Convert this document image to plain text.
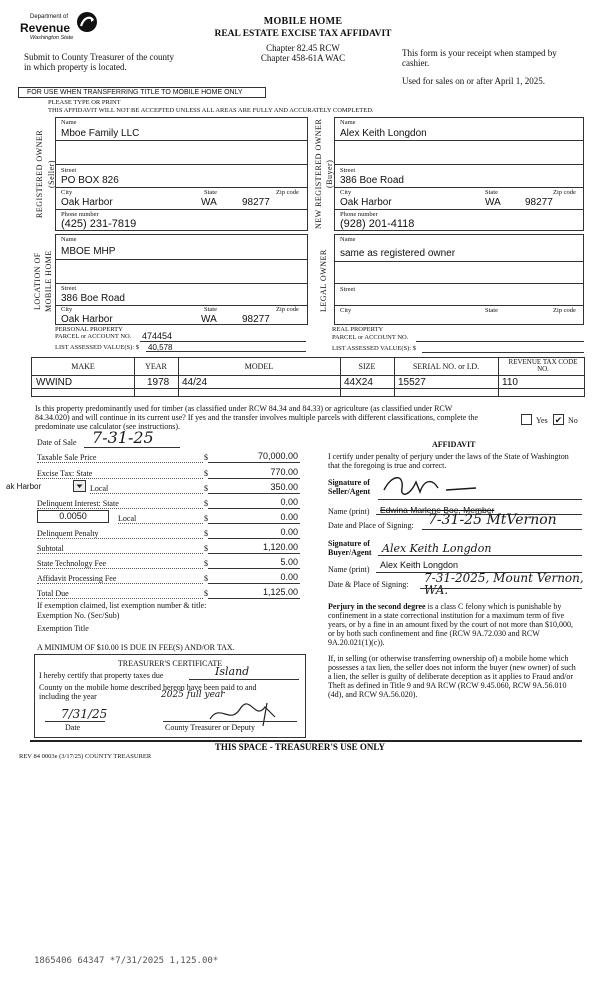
Department of
Revenue
Washington State
MOBILE HOME
REAL ESTATE EXCISE TAX AFFIDAVIT
Chapter 82.45 RCW
Chapter 458-61A WAC
Submit to County Treasurer of the county in which property is located.
This form is your receipt when stamped by cashier.
Used for sales on or after April 1, 2025.
FOR USE WHEN TRANSFERRING TITLE TO MOBILE HOME ONLY
PLEASE TYPE OR PRINT
THIS AFFIDAVIT WILL NOT BE ACCEPTED UNLESS ALL AREAS ARE FULLY AND ACCURATELY COMPLETED.
REGISTERED OWNER (Seller)
Name
Mboe Family LLC
Street
PO BOX 826
City	State	Zip code
Oak Harbor	WA	98277
Phone number
(425) 231-7819	NEW REGISTERED OWNER (Buyer)
Name
Alex Keith Longdon
Street
386 Boe Road
City	State	Zip code
Oak Harbor	WA 98277
Phone number
(928) 201-4118
LOCATION OF MOBILE HOME
Name
MBOE MHP
Street
386 Boe Road
City	State	Zip code
Oak Harbor	WA	98277
LEGAL OWNER
Name
same as registered owner
Street
City	State	Zip code
PERSONAL PROPERTY
PARCEL or ACCOUNT NO. 474454
LIST ASSESSED VALUE(S): $ 40,578
REAL PROPERTY
PARCEL or ACCOUNT NO.
LIST ASSESSED VALUE(S): $
MAKE	YEAR	MODEL	SIZE	SERIAL NO. or I.D.	REVENUE TAX CODE NO.
WWIND	1978 44/24	44X24	15527	110
Is this property predominantly used for timber (as classified under RCW 84.34 and 84.33) or agriculture (as classified under RCW 84.34.020) and will continue in its current use? If yes and the transfer involves multiple parcels with different classifications, complete the predominate use calculator (see instructions).
Yes ✔ No
Date of Sale 7-31-25
Taxable Sale Price	$	70,000.00
Excise Tax: State	$	770.00
ak Harbor	Local	$	350.00
Delinquent Interest: State	$	0.00
0.0050	Local	$	0.00
Delinquent Penalty	$	0.00
Subtotal	$	1,120.00
State Technology Fee	$	5.00
Affidavit Processing Fee	$	0.00
Total Due	$	1,125.00
If exemption claimed, list exemption number & title:
Exemption No. (Sec/Sub)
Exemption Title
A MINIMUM OF $10.00 IS DUE IN FEE(S) AND/OR TAX.
TREASURER'S CERTIFICATE
I hereby certify that property taxes due	Island
County on the mobile home described hereon have been paid to and including the year	2025 full year
7/31/25
Date	County Treasurer or Deputy
AFFIDAVIT
I certify under penalty of perjury under the laws of the State of Washington that the foregoing is true and correct.
Signature of Seller/Agent
Name (print) Edwina Marlene Boe, Member
Date and Place of Signing: 7-31-25 MtVernon
Signature of Buyer/Agent Alex Keith Longdon
Name (print) Alex Keith Longdon
Date & Place of Signing: 7-31-2025, Mount Vernon, WA.
Perjury in the second degree is a class C felony which is punishable by confinement in a state correctional institution for a maximum term of five years, or by a fine in an amount fixed by the court of not more than $10,000, or by both such confinement and fine (RCW 9A.72.030 and RCW 9A.20.021(1)(c)).
If, in selling (or otherwise transferring ownership of) a mobile home which possesses a tax lien, the seller does not inform the buyer (new owner) of such a lien, the seller is guilty of deliberate deception as it applies to Fraud and/or Theft as defined in Title 9 and 9A RCW (RCW 9.45.060, RCW 9A.56.010 (4d), and RCW 9A.56.020).
THIS SPACE - TREASURER'S USE ONLY
REV 84 0003e (3/17/25) COUNTY TREASURER
1865406 64347 *7/31/2025 1,125.00*
